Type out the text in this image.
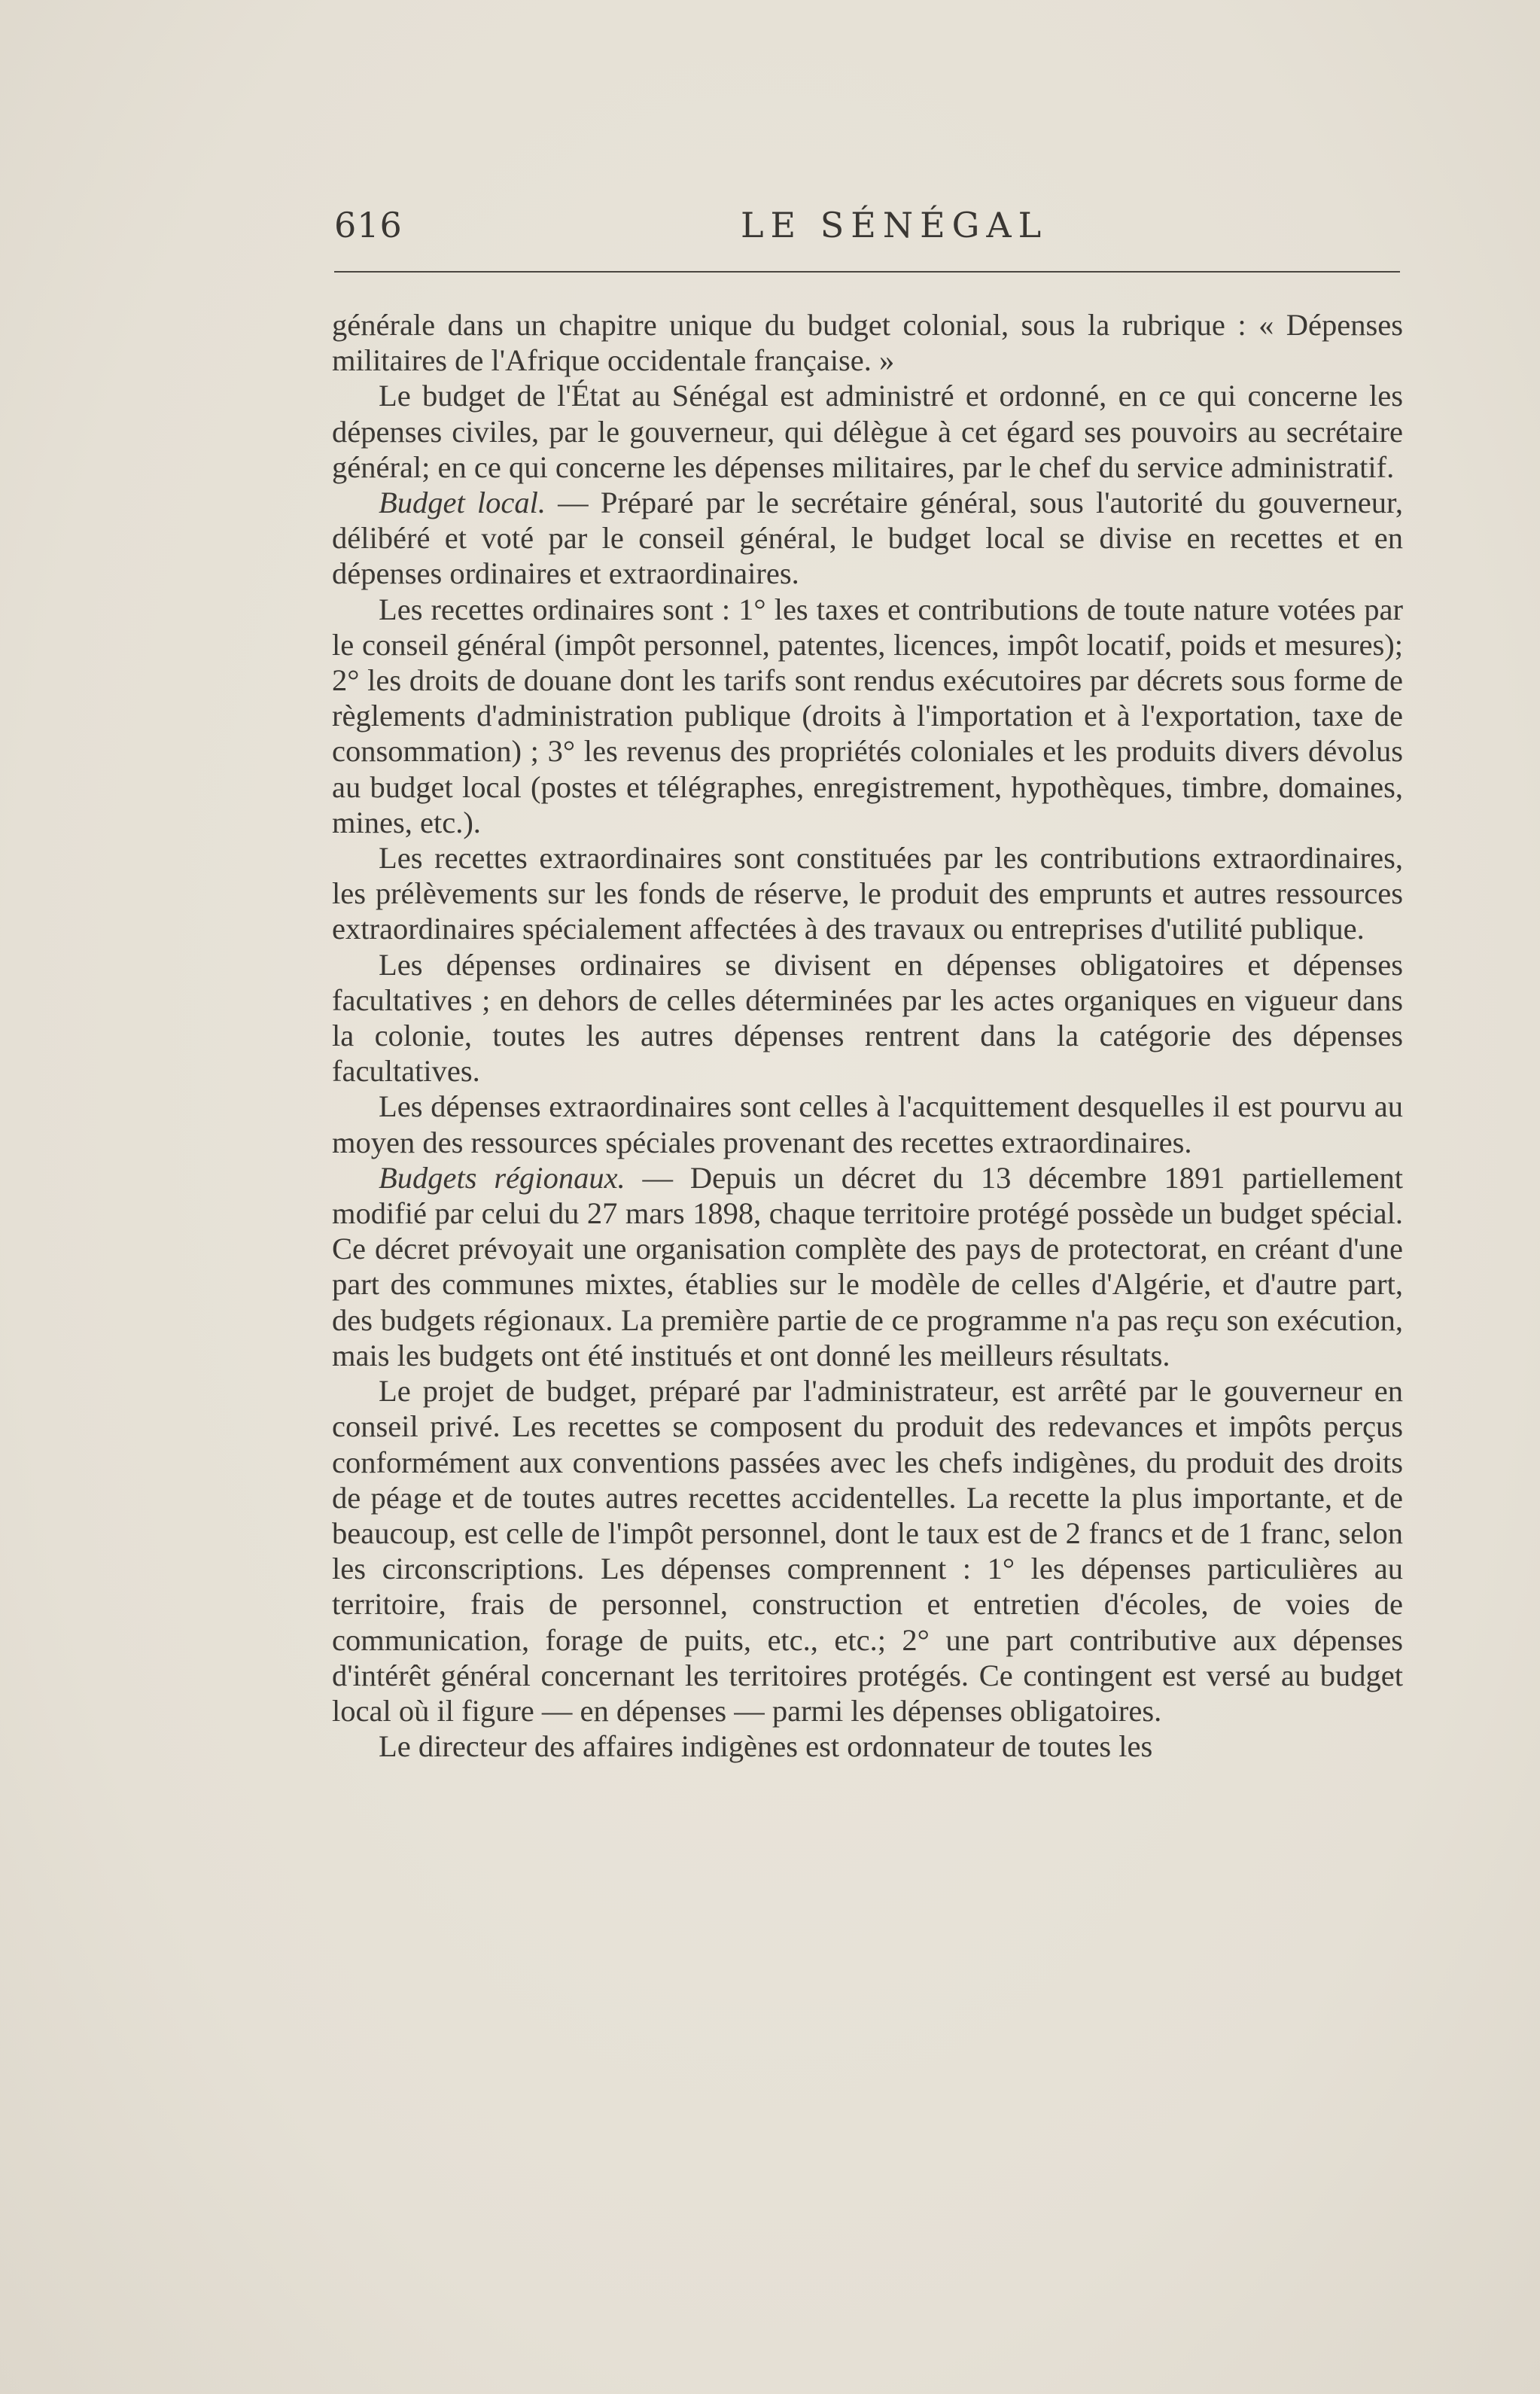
616	LE SÉNÉGAL

générale dans un chapitre unique du budget colonial, sous la rubrique : « Dépenses militaires de l'Afrique occidentale française. »

Le budget de l'État au Sénégal est administré et ordonné, en ce qui concerne les dépenses civiles, par le gouverneur, qui délègue à cet égard ses pouvoirs au secrétaire général; en ce qui concerne les dépenses militaires, par le chef du service administratif.

Budget local. — Préparé par le secrétaire général, sous l'autorité du gouverneur, délibéré et voté par le conseil général, le budget local se divise en recettes et en dépenses ordinaires et extraordinaires.

Les recettes ordinaires sont : 1° les taxes et contributions de toute nature votées par le conseil général (impôt personnel, patentes, licences, impôt locatif, poids et mesures); 2° les droits de douane dont les tarifs sont rendus exécutoires par décrets sous forme de règlements d'administration publique (droits à l'importation et à l'exportation, taxe de consommation) ; 3° les revenus des propriétés coloniales et les produits divers dévolus au budget local (postes et télégraphes, enregistrement, hypothèques, timbre, domaines, mines, etc.).

Les recettes extraordinaires sont constituées par les contributions extraordinaires, les prélèvements sur les fonds de réserve, le produit des emprunts et autres ressources extraordinaires spécialement affectées à des travaux ou entreprises d'utilité publique.

Les dépenses ordinaires se divisent en dépenses obligatoires et dépenses facultatives ; en dehors de celles déterminées par les actes organiques en vigueur dans la colonie, toutes les autres dépenses rentrent dans la catégorie des dépenses facultatives.

Les dépenses extraordinaires sont celles à l'acquittement desquelles il est pourvu au moyen des ressources spéciales provenant des recettes extraordinaires.

Budgets régionaux. — Depuis un décret du 13 décembre 1891 partiellement modifié par celui du 27 mars 1898, chaque territoire protégé possède un budget spécial. Ce décret prévoyait une organisation complète des pays de protectorat, en créant d'une part des communes mixtes, établies sur le modèle de celles d'Algérie, et d'autre part, des budgets régionaux. La première partie de ce programme n'a pas reçu son exécution, mais les budgets ont été institués et ont donné les meilleurs résultats.

Le projet de budget, préparé par l'administrateur, est arrêté par le gouverneur en conseil privé. Les recettes se composent du produit des redevances et impôts perçus conformément aux conventions passées avec les chefs indigènes, du produit des droits de péage et de toutes autres recettes accidentelles. La recette la plus importante, et de beaucoup, est celle de l'impôt personnel, dont le taux est de 2 francs et de 1 franc, selon les circonscriptions. Les dépenses comprennent : 1° les dépenses particulières au territoire, frais de personnel, construction et entretien d'écoles, de voies de communication, forage de puits, etc., etc.; 2° une part contributive aux dépenses d'intérêt général concernant les territoires protégés. Ce contingent est versé au budget local où il figure — en dépenses — parmi les dépenses obligatoires.

Le directeur des affaires indigènes est ordonnateur de toutes les
